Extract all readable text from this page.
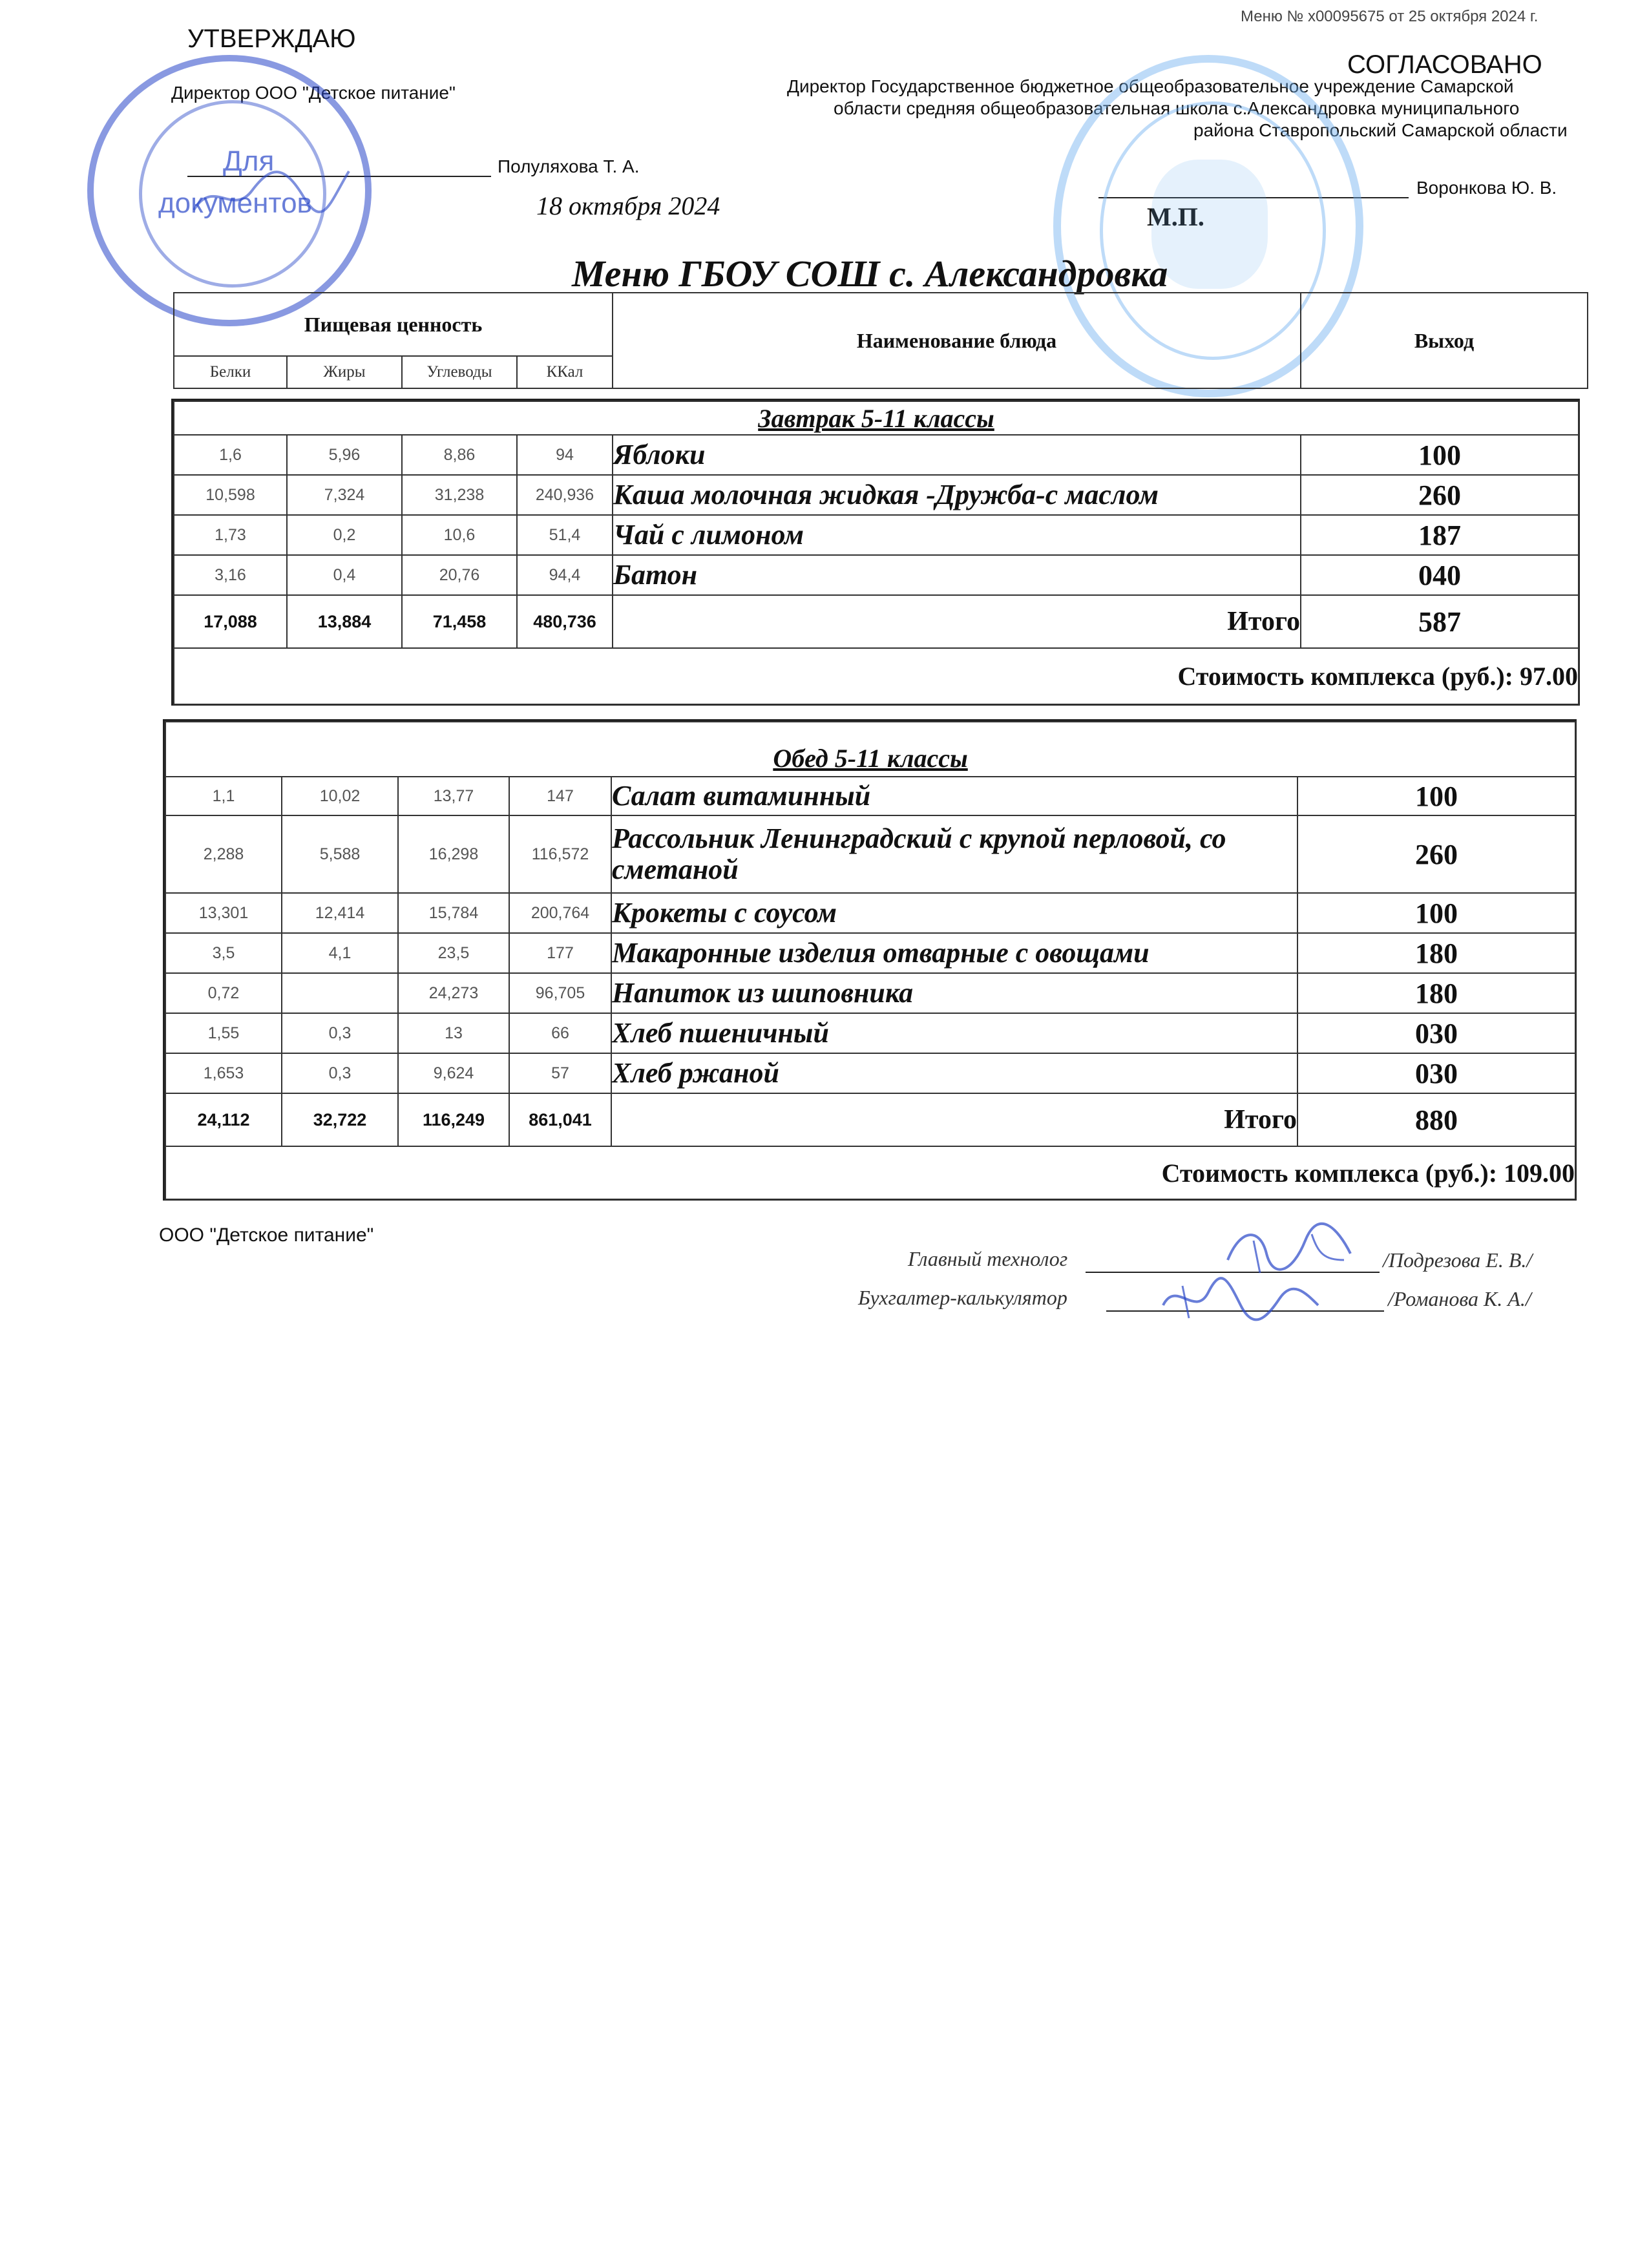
Меню № х00095675 от 25 октября 2024 г.
УТВЕРЖДАЮ
Директор ООО "Детское питание"
Полуляхова Т. А.
18 октября 2024
Для
документов
СОГЛАСОВАНО
Директор Государственное бюджетное общеобразовательное учреждение Самарской
области средняя общеобразовательная школа с.Александровка муниципального
района Ставропольский Самарской области
Воронкова Ю. В.
М.П.
Меню ГБОУ СОШ с. Александровка
Пищевая ценность				Наименование блюда	Выход
Белки	Жиры	Углеводы	ККал		
Завтрак 5-11 классы					
1,6	5,96	8,86	94	Яблоки	100
10,598	7,324	31,238	240,936	Каша молочная жидкая -Дружба-с маслом	260
1,73	0,2	10,6	51,4	Чай с лимоном	187
3,16	0,4	20,76	94,4	Батон	040
17,088	13,884	71,458	480,736	Итого	587
Стоимость комплекса (руб.): 97.00					
Обед 5-11 классы					
1,1	10,02	13,77	147	Салат витаминный	100
2,288	5,588	16,298	116,572	Рассольник Ленинградский с крупой перловой, со сметаной	260
13,301	12,414	15,784	200,764	Крокеты с соусом	100
3,5	4,1	23,5	177	Макаронные изделия отварные с овощами	180
0,72		24,273	96,705	Напиток из шиповника	180
1,55	0,3	13	66	Хлеб пшеничный	030
1,653	0,3	9,624	57	Хлеб ржаной	030
24,112	32,722	116,249	861,041	Итого	880
Стоимость комплекса (руб.): 109.00					
ООО "Детское питание"
Главный технолог	/Подрезова Е. В./
Бухгалтер-калькулятор	/Романова К. А./
